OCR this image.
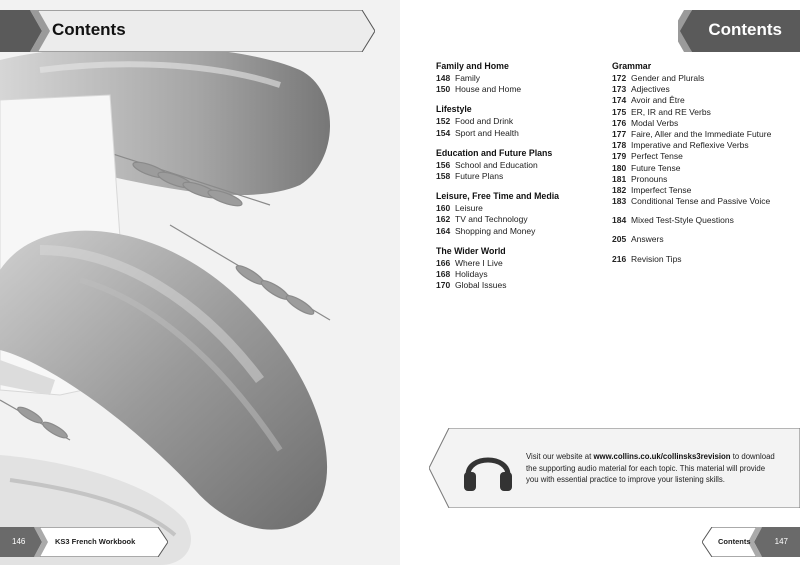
Contents
146	KS3 French Workbook
Contents
Family and Home
148 Family
150 House and Home
Lifestyle
152 Food and Drink
154 Sport and Health
Education and Future Plans
156 School and Education
158 Future Plans
Leisure, Free Time and Media
160 Leisure
162 TV and Technology
164 Shopping and Money
The Wider World
166 Where I Live
168 Holidays
170 Global Issues
Grammar
172 Gender and Plurals
173 Adjectives
174 Avoir and Être
175 ER, IR and RE Verbs
176 Modal Verbs
177 Faire, Aller and the Immediate Future
178 Imperative and Reflexive Verbs
179 Perfect Tense
180 Future Tense
181 Pronouns
182 Imperfect Tense
183 Conditional Tense and Passive Voice
184 Mixed Test-Style Questions
205 Answers
216 Revision Tips
Visit our website at www.collins.co.uk/collinsks3revision to download the supporting audio material for each topic. This material will provide you with essential practice to improve your listening skills.
Contents	147
